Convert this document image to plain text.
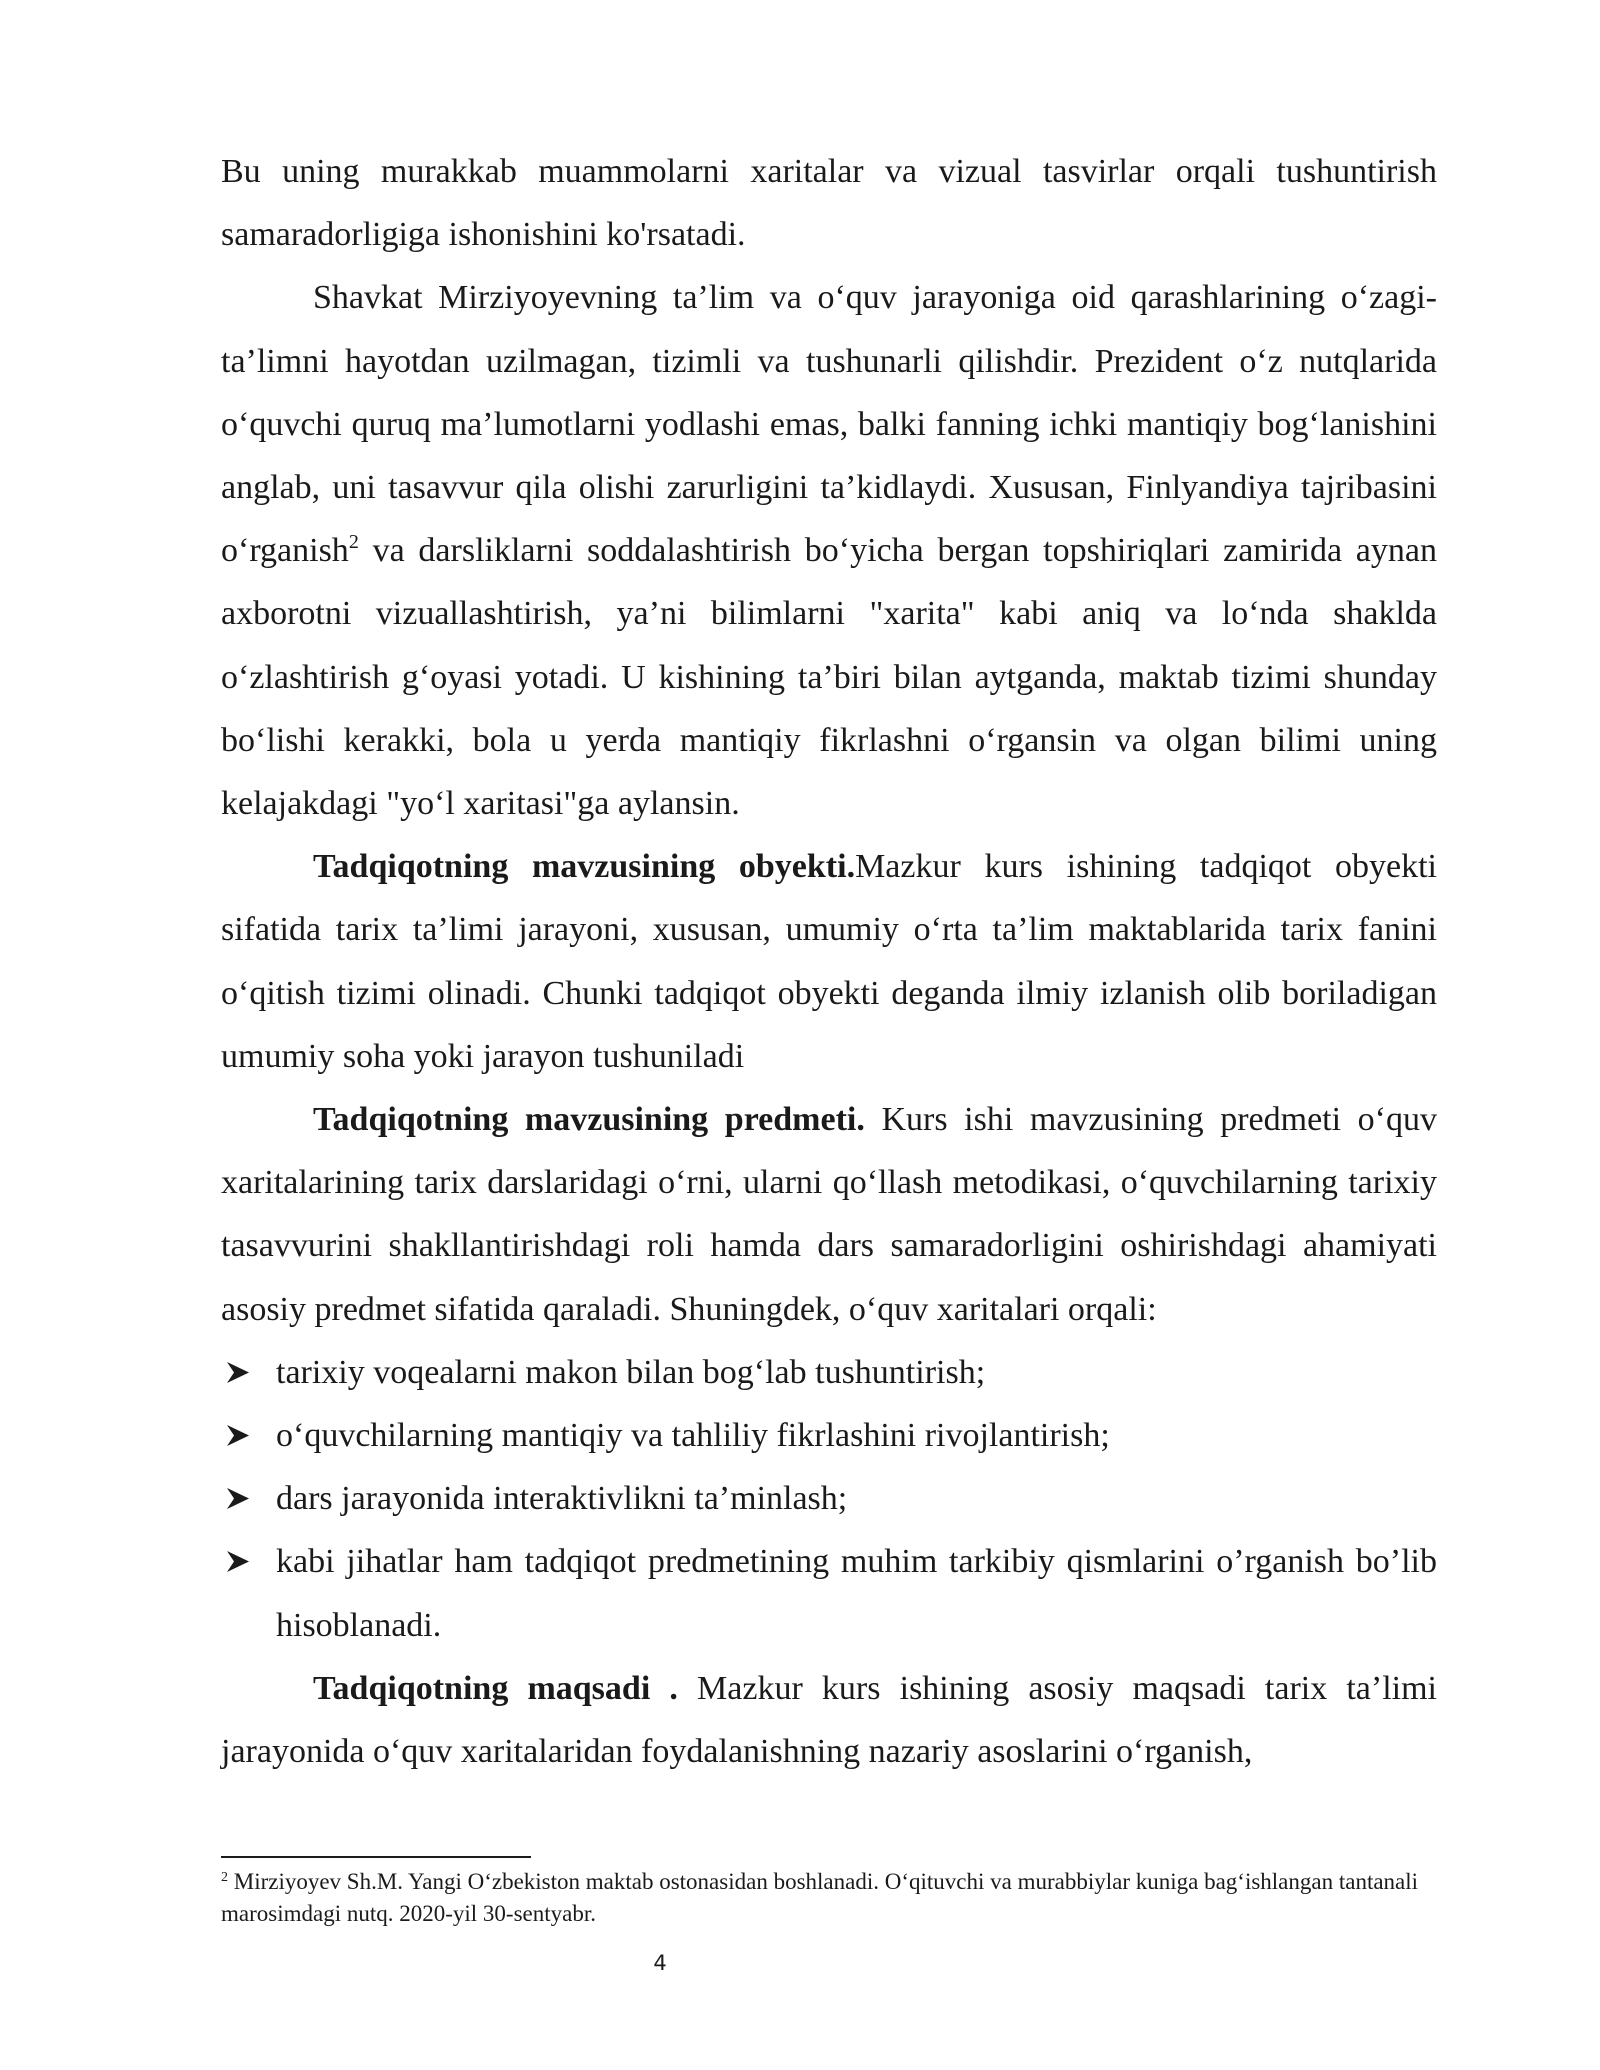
Bu uning murakkab muammolarni xaritalar va vizual tasvirlar orqali tushuntirish samaradorligiga ishonishini ko'rsatadi.

Shavkat Mirziyoyevning ta’lim va o‘quv jarayoniga oid qarashlarining o‘zagi-ta’limni hayotdan uzilmagan, tizimli va tushunarli qilishdir. Prezident o‘z nutqlarida o‘quvchi quruq ma’lumotlarni yodlashi emas, balki fanning ichki mantiqiy bog‘lanishini anglab, uni tasavvur qila olishi zarurligini ta’kidlaydi. Xususan, Finlyandiya tajribasini o‘rganish$^2$ va darsliklarni soddalashtirish bo‘yicha bergan topshiriqlari zamirida aynan axborotni vizuallashtirish, ya’ni bilimlarni "xarita" kabi aniq va lo‘nda shaklda o‘zlashtirish g‘oyasi yotadi. U kishining ta’biri bilan aytganda, maktab tizimi shunday bo‘lishi kerakki, bola u yerda mantiqiy fikrlashni o‘rgansin va olgan bilimi uning kelajakdagi "yo‘l xaritasi"ga aylansin.

Tadqiqotning mavzusining obyekti.Mazkur kurs ishining tadqiqot obyekti sifatida tarix ta’limi jarayoni, xususan, umumiy o‘rta ta’lim maktablarida tarix fanini o‘qitish tizimi olinadi. Chunki tadqiqot obyekti deganda ilmiy izlanish olib boriladigan umumiy soha yoki jarayon tushuniladi

Tadqiqotning mavzusining predmeti. Kurs ishi mavzusining predmeti o‘quv xaritalarining tarix darslaridagi o‘rni, ularni qo‘llash metodikasi, o‘quvchilarning tarixiy tasavvurini shakllantirishdagi roli hamda dars samaradorligini oshirishdagi ahamiyati asosiy predmet sifatida qaraladi. Shuningdek, o‘quv xaritalari orqali:

tarixiy voqealarni makon bilan bog‘lab tushuntirish;
o‘quvchilarning mantiqiy va tahliliy fikrlashini rivojlantirish;
dars jarayonida interaktivlikni ta’minlash;
kabi jihatlar ham tadqiqot predmetining muhim tarkibiy qismlarini o’rganish bo’lib hisoblanadi.

Tadqiqotning maqsadi . Mazkur kurs ishining asosiy maqsadi tarix ta’limi jarayonida o‘quv xaritalaridan foydalanishning nazariy asoslarini o‘rganish,

$^2$ Mirziyoyev Sh.M. Yangi O‘zbekiston maktab ostonasidan boshlanadi. O‘qituvchi va murabbiylar kuniga bag‘ishlangan tantanali marosimdagi nutq. 2020-yil 30-sentyabr.

4
